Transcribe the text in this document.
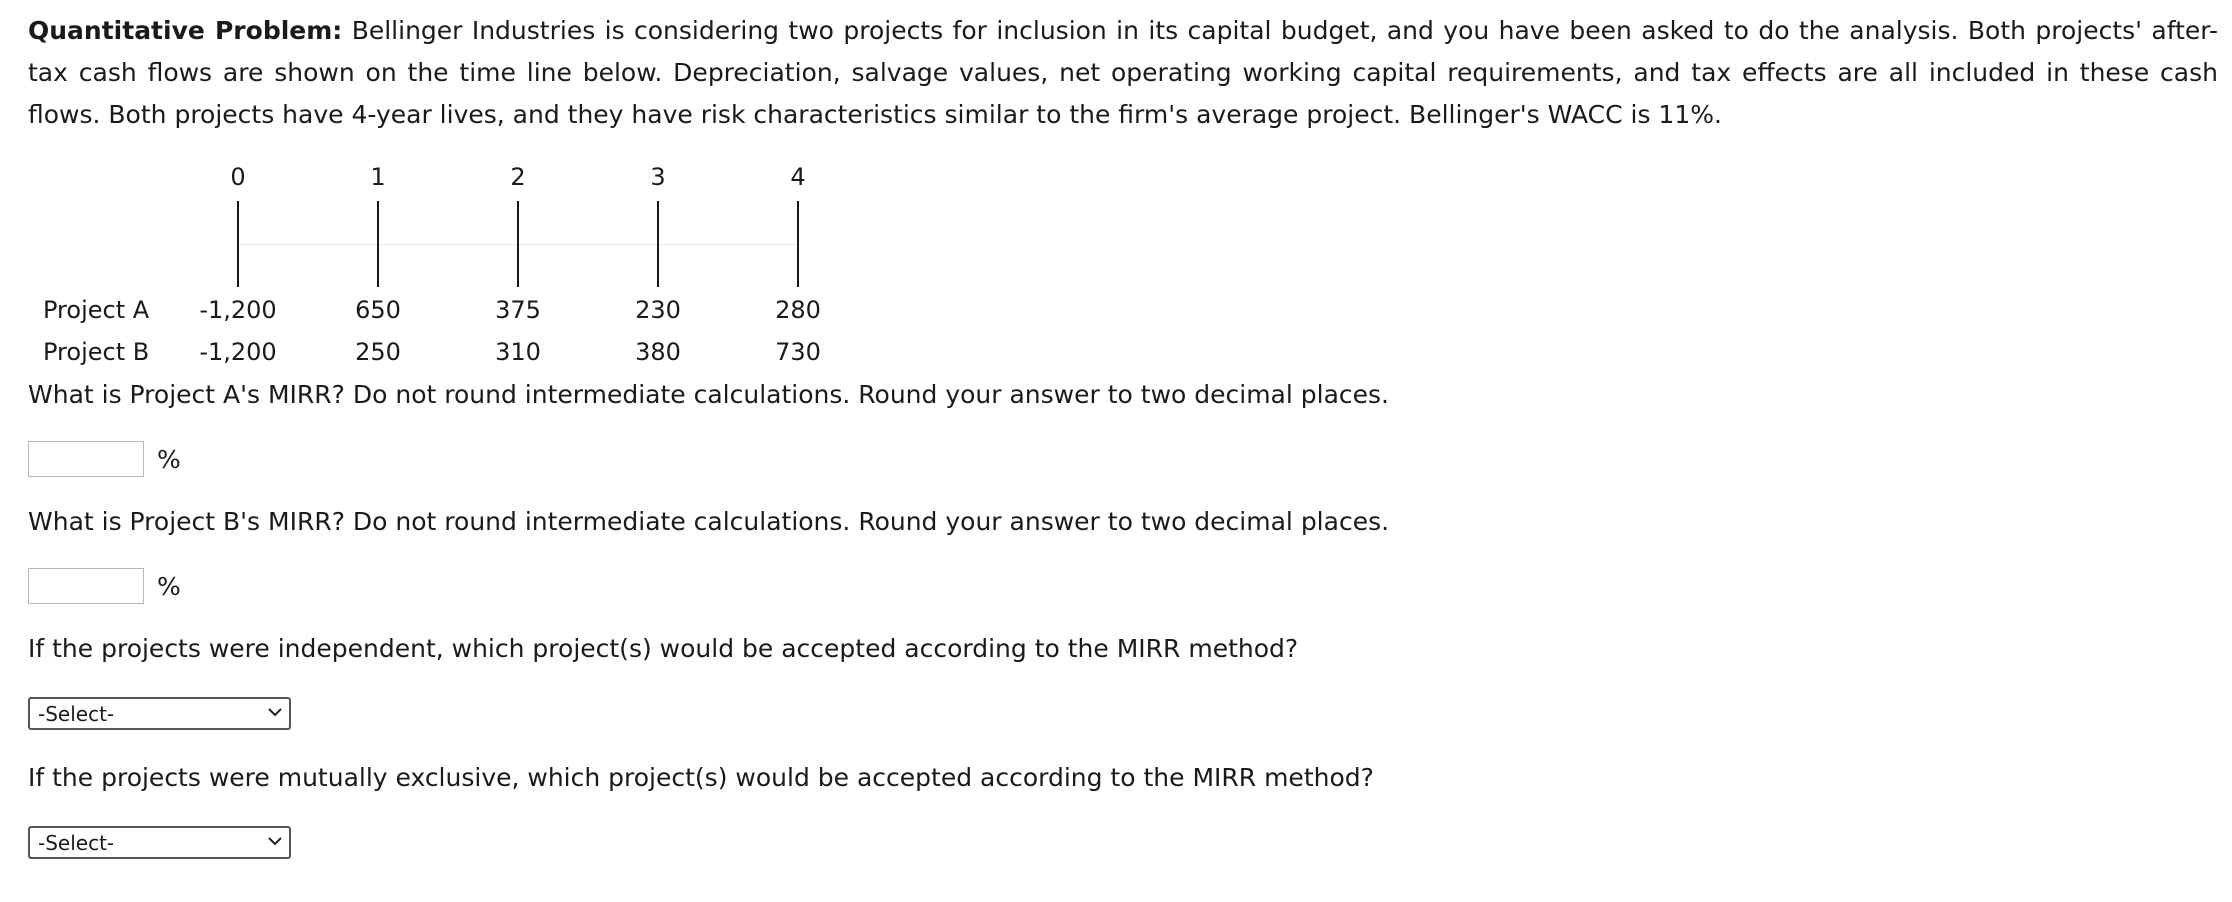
Quantitative Problem: Bellinger Industries is considering two projects for inclusion in its capital budget, and you have been asked to do the analysis. Both projects' after-tax cash flows are shown on the time line below. Depreciation, salvage values, net operating working capital requirements, and tax effects are all included in these cash flows. Both projects have 4-year lives, and they have risk characteristics similar to the firm's average project. Bellinger's WACC is 11%.

0	1	2	3	4
Project A	-1,200	650	375	230	280
Project B	-1,200	250	310	380	730

What is Project A's MIRR? Do not round intermediate calculations. Round your answer to two decimal places.

%

What is Project B's MIRR? Do not round intermediate calculations. Round your answer to two decimal places.

%

If the projects were independent, which project(s) would be accepted according to the MIRR method?

-Select-

If the projects were mutually exclusive, which project(s) would be accepted according to the MIRR method?

-Select-
